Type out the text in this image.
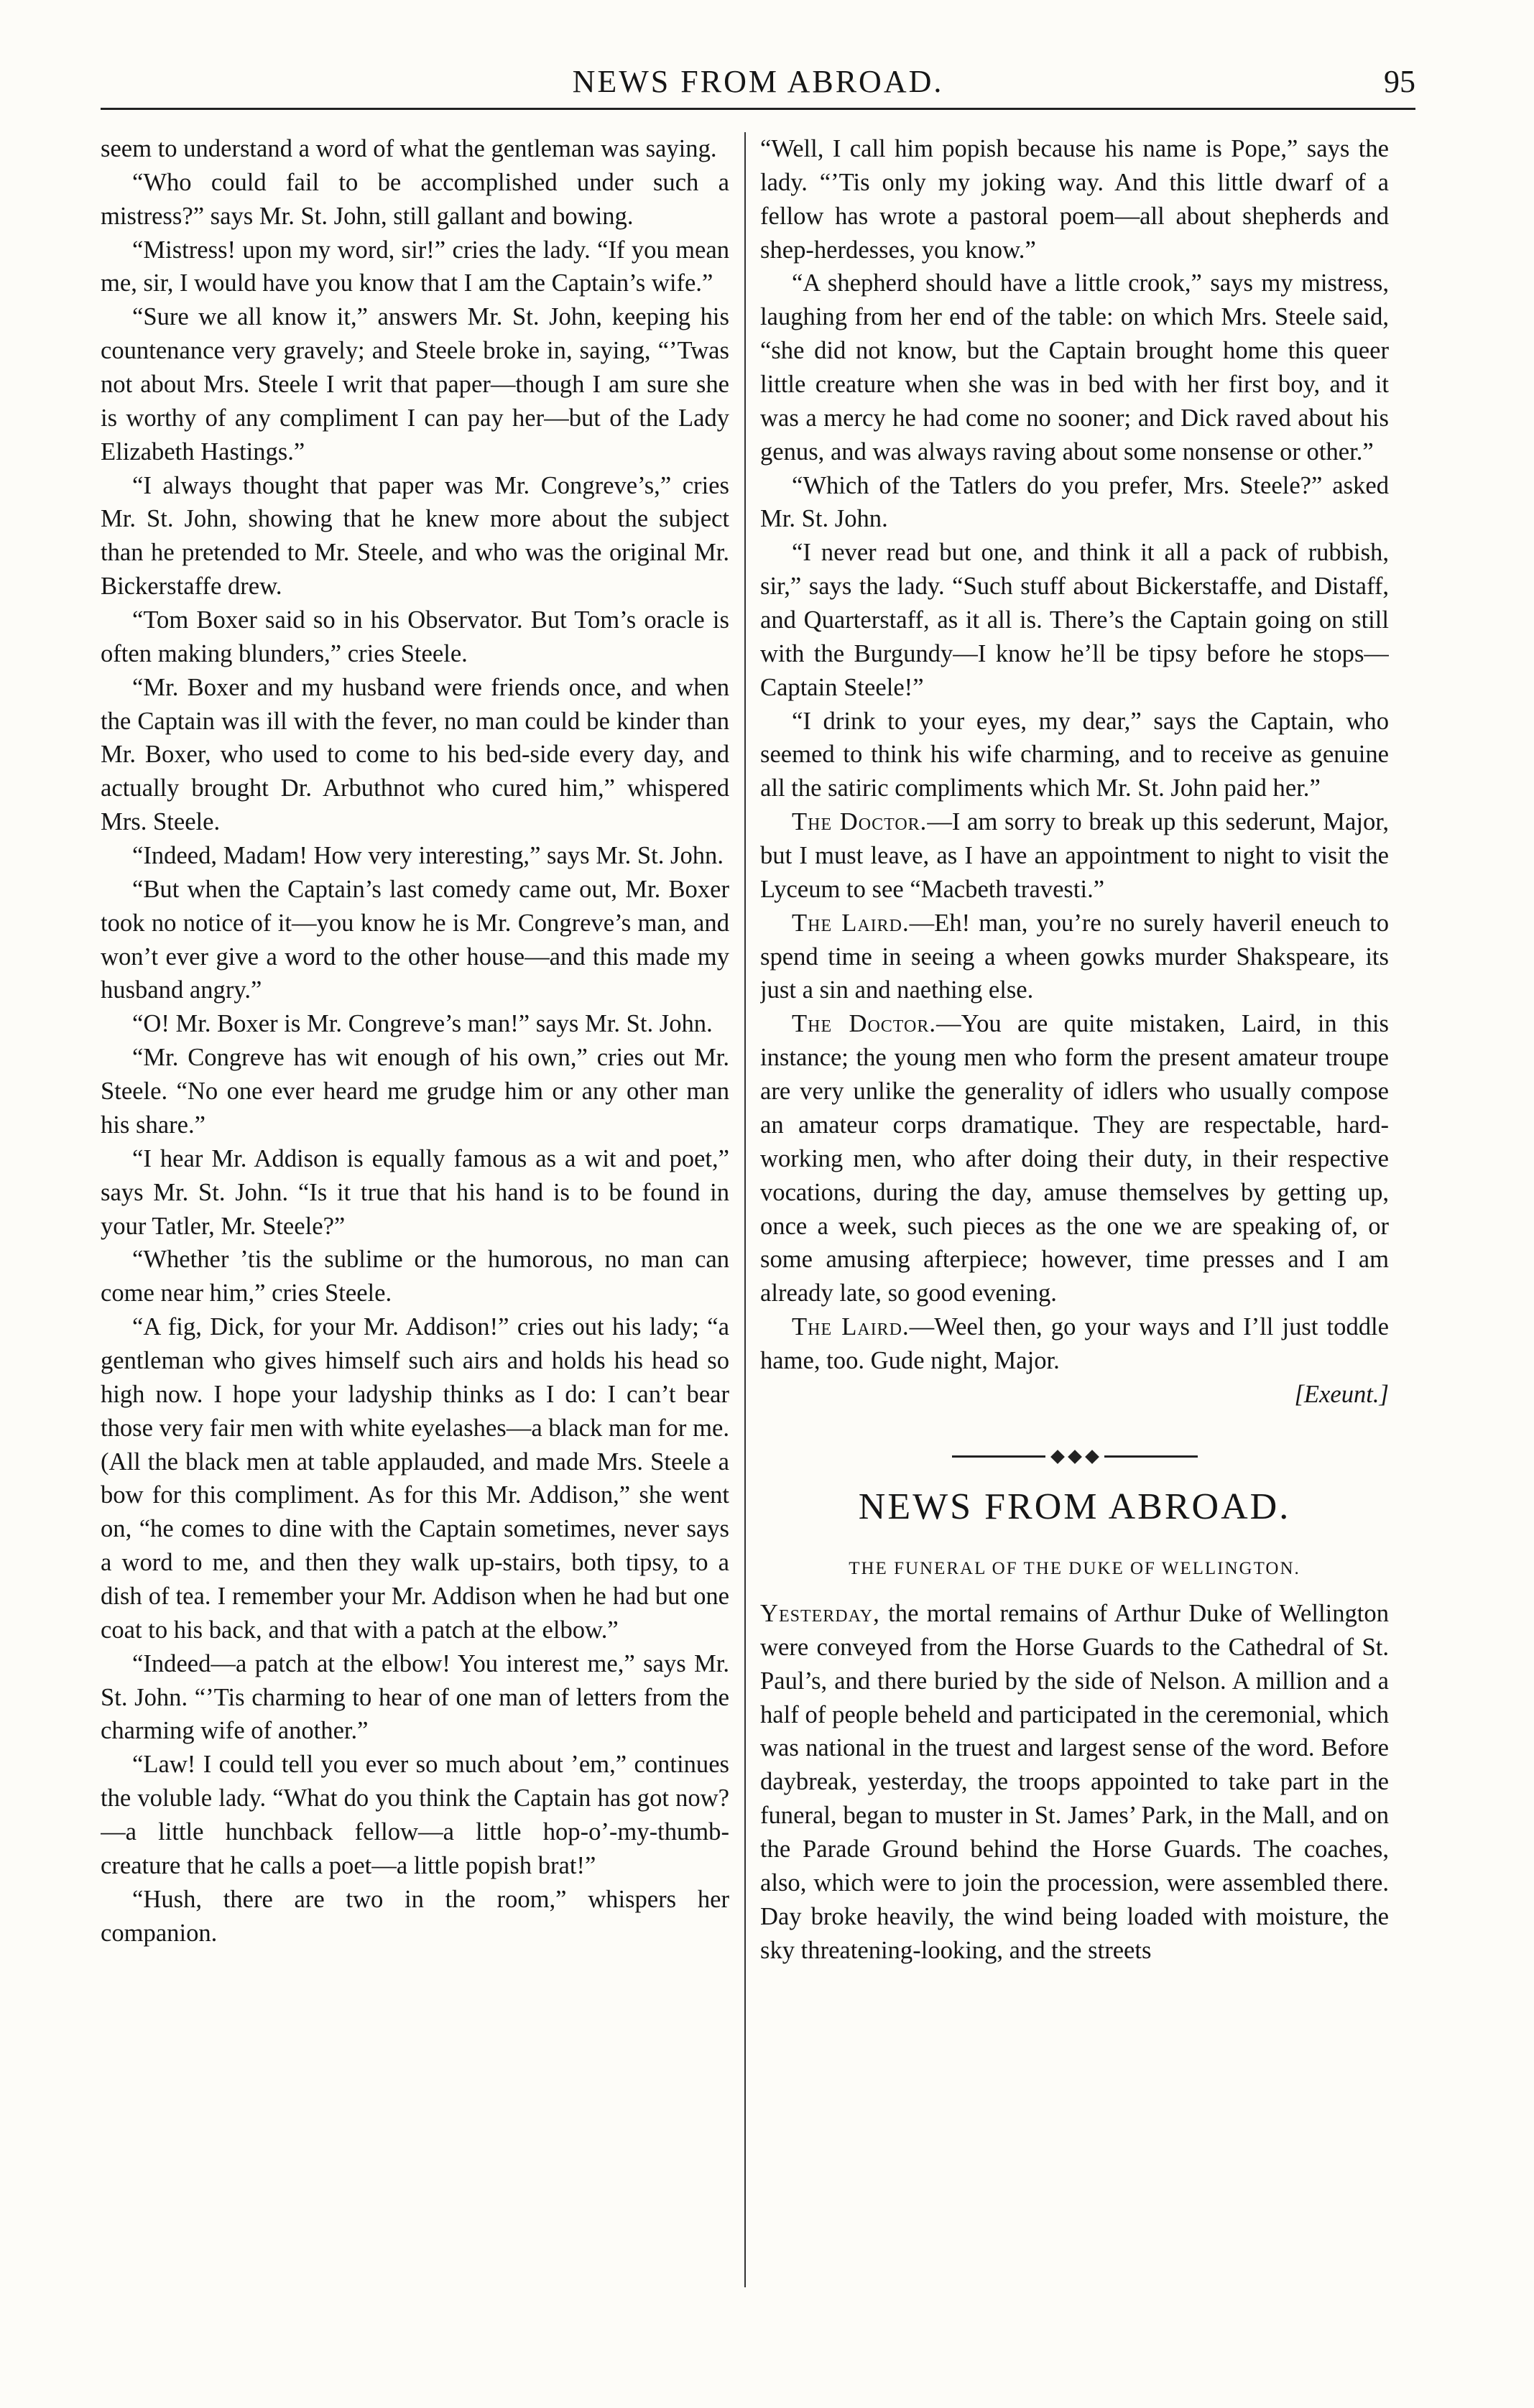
NEWS FROM ABROAD.	95

seem to understand a word of what the gentleman was saying.

“Who could fail to be accomplished under such a mistress?” says Mr. St. John, still gallant and bowing.

“Mistress! upon my word, sir!” cries the lady. “If you mean me, sir, I would have you know that I am the Captain’s wife.”

“Sure we all know it,” answers Mr. St. John, keeping his countenance very gravely; and Steele broke in, saying, “’Twas not about Mrs. Steele I writ that paper—though I am sure she is worthy of any compliment I can pay her—but of the Lady Elizabeth Hastings.”

“I always thought that paper was Mr. Congreve’s,” cries Mr. St. John, showing that he knew more about the subject than he pretended to Mr. Steele, and who was the original Mr. Bickerstaffe drew.

“Tom Boxer said so in his Observator. But Tom’s oracle is often making blunders,” cries Steele.

“Mr. Boxer and my husband were friends once, and when the Captain was ill with the fever, no man could be kinder than Mr. Boxer, who used to come to his bed-side every day, and actually brought Dr. Arbuthnot who cured him,” whispered Mrs. Steele.

“Indeed, Madam! How very interesting,” says Mr. St. John.

“But when the Captain’s last comedy came out, Mr. Boxer took no notice of it—you know he is Mr. Congreve’s man, and won’t ever give a word to the other house—and this made my husband angry.”

“O! Mr. Boxer is Mr. Congreve’s man!” says Mr. St. John.

“Mr. Congreve has wit enough of his own,” cries out Mr. Steele. “No one ever heard me grudge him or any other man his share.”

“I hear Mr. Addison is equally famous as a wit and poet,” says Mr. St. John. “Is it true that his hand is to be found in your Tatler, Mr. Steele?”

“Whether ’tis the sublime or the humorous, no man can come near him,” cries Steele.

“A fig, Dick, for your Mr. Addison!” cries out his lady; “a gentleman who gives himself such airs and holds his head so high now. I hope your ladyship thinks as I do: I can’t bear those very fair men with white eyelashes—a black man for me. (All the black men at table applauded, and made Mrs. Steele a bow for this compliment. As for this Mr. Addison,” she went on, “he comes to dine with the Captain sometimes, never says a word to me, and then they walk up-stairs, both tipsy, to a dish of tea. I remember your Mr. Addison when he had but one coat to his back, and that with a patch at the elbow.”

“Indeed—a patch at the elbow! You interest me,” says Mr. St. John. “’Tis charming to hear of one man of letters from the charming wife of another.”

“Law! I could tell you ever so much about ’em,” continues the voluble lady. “What do you think the Captain has got now?—a little hunchback fellow—a little hop-o’-my-thumb-creature that he calls a poet—a little popish brat!”

“Hush, there are two in the room,” whispers her companion.

“Well, I call him popish because his name is Pope,” says the lady. “’Tis only my joking way. And this little dwarf of a fellow has wrote a pastoral poem—all about shepherds and shep-herdesses, you know.”

“A shepherd should have a little crook,” says my mistress, laughing from her end of the table: on which Mrs. Steele said, “she did not know, but the Captain brought home this queer little creature when she was in bed with her first boy, and it was a mercy he had come no sooner; and Dick raved about his genus, and was always raving about some nonsense or other.”

“Which of the Tatlers do you prefer, Mrs. Steele?” asked Mr. St. John.

“I never read but one, and think it all a pack of rubbish, sir,” says the lady. “Such stuff about Bickerstaffe, and Distaff, and Quarterstaff, as it all is. There’s the Captain going on still with the Burgundy—I know he’ll be tipsy before he stops—Captain Steele!”

“I drink to your eyes, my dear,” says the Captain, who seemed to think his wife charming, and to receive as genuine all the satiric compliments which Mr. St. John paid her.”

The Doctor.—I am sorry to break up this sederunt, Major, but I must leave, as I have an appointment to night to visit the Lyceum to see “Macbeth travesti.”

The Laird.—Eh! man, you’re no surely haveril eneuch to spend time in seeing a wheen gowks murder Shakspeare, its just a sin and naething else.

The Doctor.—You are quite mistaken, Laird, in this instance; the young men who form the present amateur troupe are very unlike the generality of idlers who usually compose an amateur corps dramatique. They are respectable, hard-working men, who after doing their duty, in their respective vocations, during the day, amuse themselves by getting up, once a week, such pieces as the one we are speaking of, or some amusing afterpiece; however, time presses and I am already late, so good evening.

The Laird.—Weel then, go your ways and I’ll just toddle hame, too. Gude night, Major.

[Exeunt.]

NEWS FROM ABROAD.
THE FUNERAL OF THE DUKE OF WELLINGTON.

Yesterday, the mortal remains of Arthur Duke of Wellington were conveyed from the Horse Guards to the Cathedral of St. Paul’s, and there buried by the side of Nelson. A million and a half of people beheld and participated in the ceremonial, which was national in the truest and largest sense of the word. Before daybreak, yesterday, the troops appointed to take part in the funeral, began to muster in St. James’ Park, in the Mall, and on the Parade Ground behind the Horse Guards. The coaches, also, which were to join the procession, were assembled there. Day broke heavily, the wind being loaded with moisture, the sky threatening-looking, and the streets
